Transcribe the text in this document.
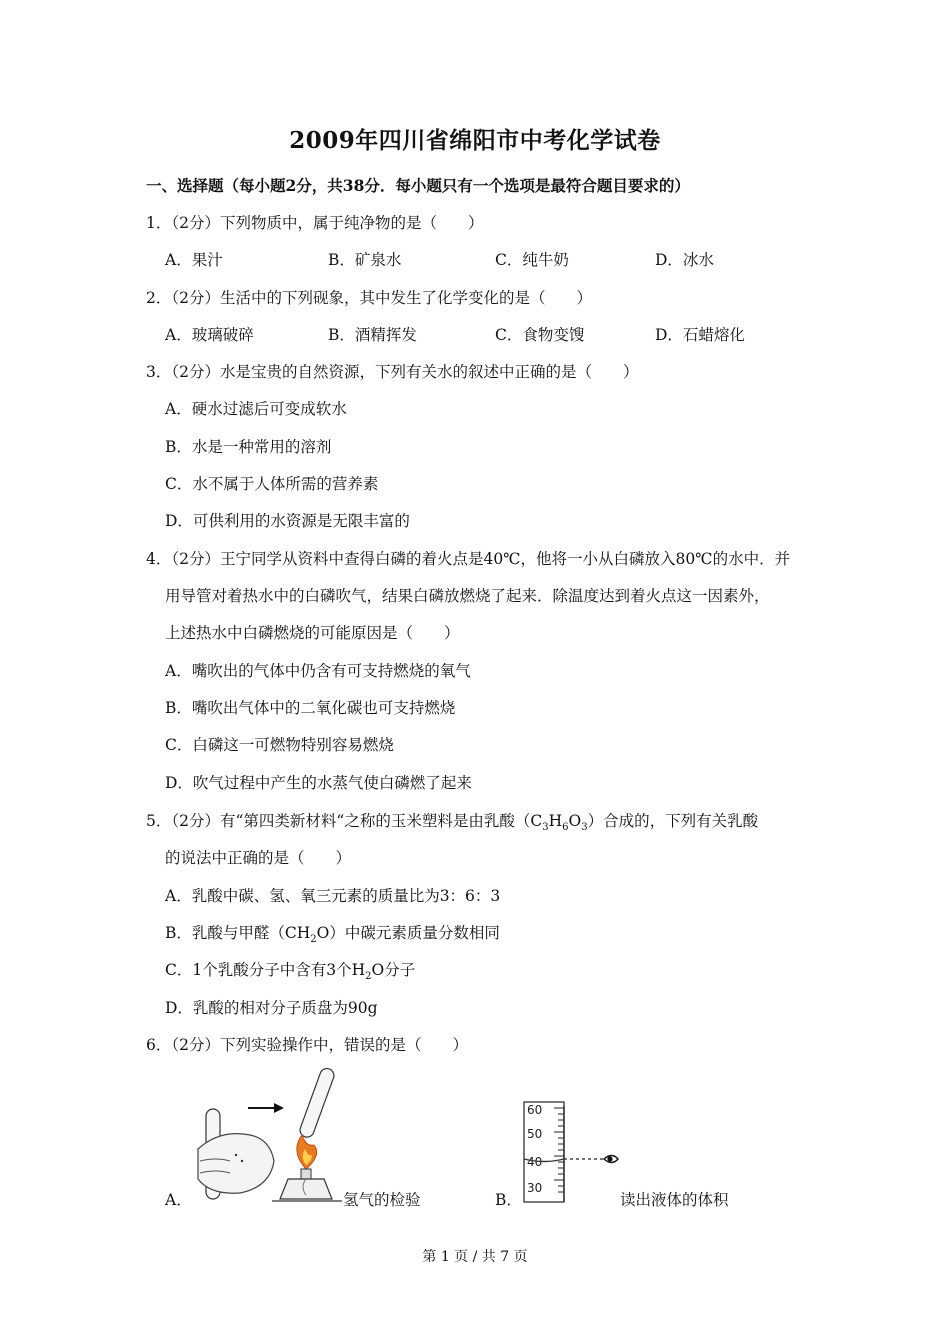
2009年四川省绵阳市中考化学试卷
一、选择题（每小题2分，共38分．每小题只有一个选项是最符合题目要求的）
1．（2分）下列物质中，属于纯净物的是（　　）
A．果汁	B．矿泉水	C．纯牛奶	D．冰水
2．（2分）生活中的下列砚象，其中发生了化学变化的是（　　）
A．玻璃破碎	B．酒精挥发	C．食物变馊	D．石蜡熔化
3．（2分）水是宝贵的自然资源，下列有关水的叙述中正确的是（　　）
A．硬水过滤后可变成软水
B．水是一种常用的溶剂
C．水不属于人体所需的营养素
D．可供利用的水资源是无限丰富的
4．（2分）王宁同学从资料中查得白磷的着火点是40℃，他将一小从白磷放入80℃的水中．并
用导管对着热水中的白磷吹气，结果白磷放燃烧了起来．除温度达到着火点这一因素外，
上述热水中白磷燃烧的可能原因是（　　）
A．嘴吹出的气体中仍含有可支持燃烧的氧气
B．嘴吹出气体中的二氧化碳也可支持燃烧
C．白磷这一可燃物特别容易燃烧
D．吹气过程中产生的水蒸气使白磷燃了起来
5．（2分）有“第四类新材料“之称的玉米塑料是由乳酸$(C_3H_6O_3)$合成的，下列有关乳酸
的说法中正确的是（　　）
A．乳酸中碳、氢、氧三元素的质量比为3：6：3
B．乳酸与甲醛$(CH_2O)$中碳元素质量分数相同
C．1个乳酸分子中含有3个$H_2O$分子
D．乳酸的相对分子质盘为90g
6．（2分）下列实验操作中，错误的是（　　）
A．	氢气的检验	B．
60
50
40
30
读出液体的体积
第 1 页 / 共 7 页
